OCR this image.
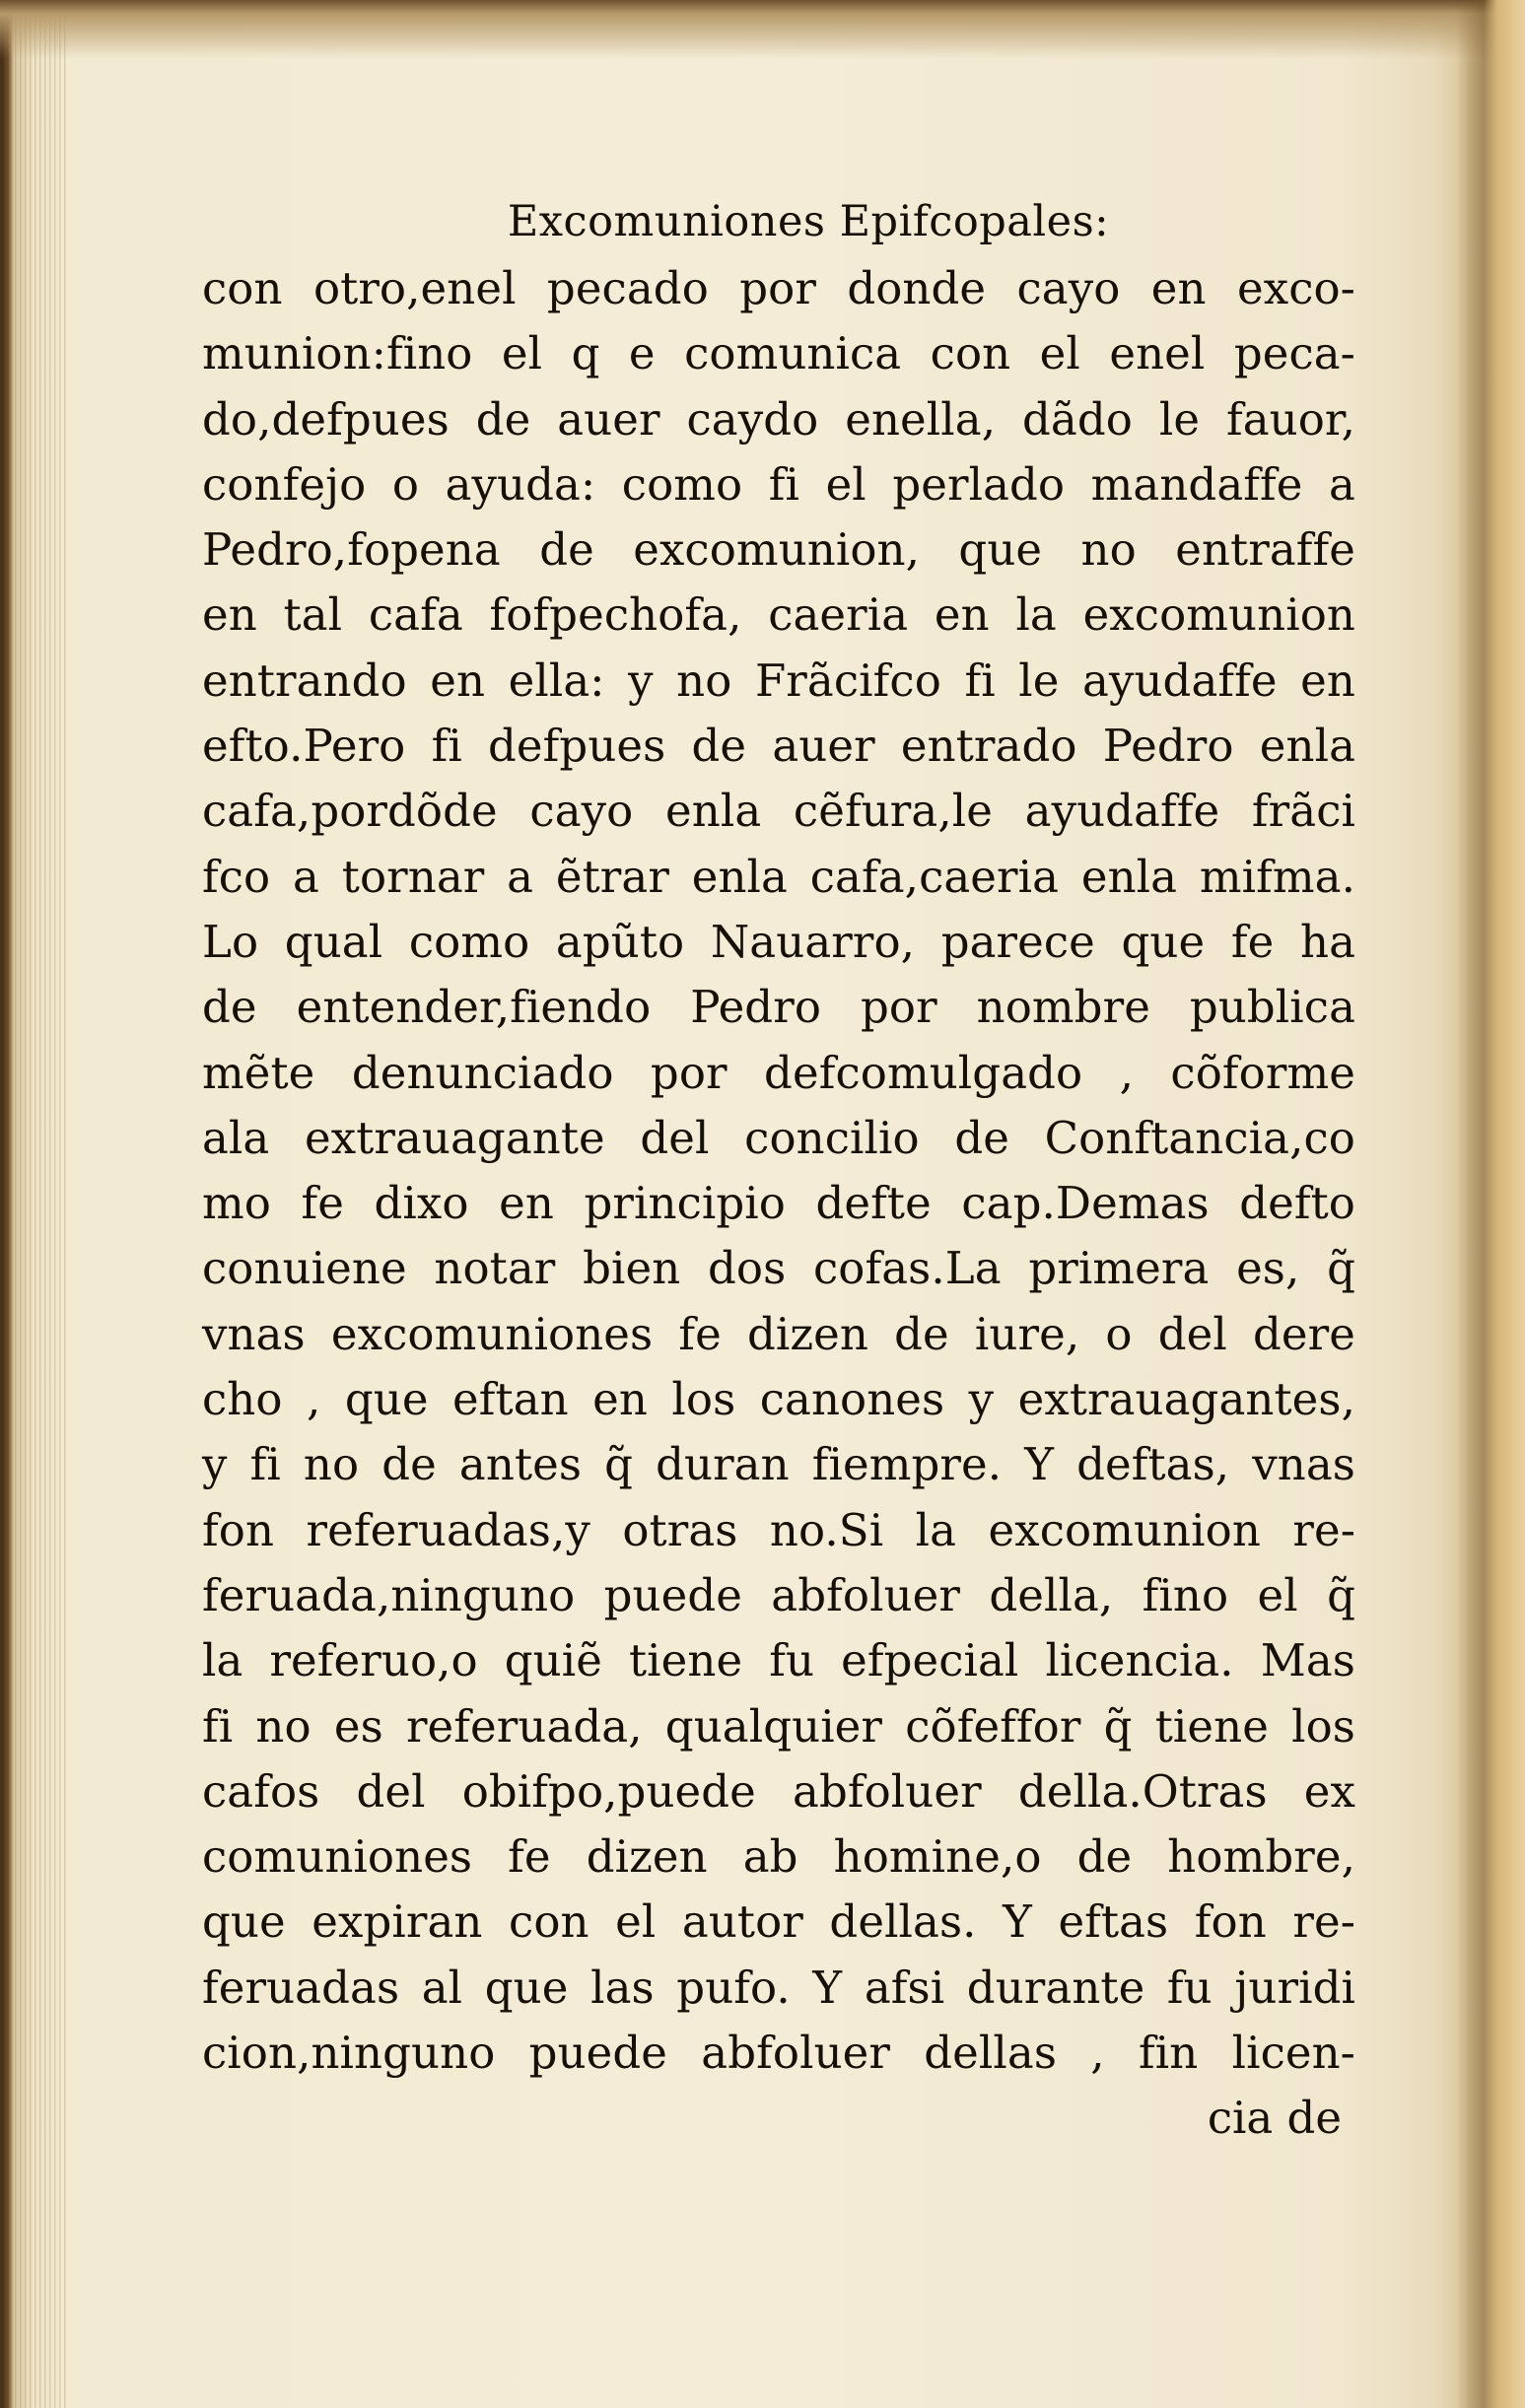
Excomuniones Epifcopales:
con otro,enel pecado por donde cayo en exco-
munion:fino el q e comunica con el enel peca-
do,defpues de auer caydo enella, dãdo le fauor,
confejo o ayuda: como fi el perlado mandaffe a
Pedro,fopena de excomunion, que no entraffe
en tal cafa fofpechofa, caeria en la excomunion
entrando en ella: y no Frãcifco fi le ayudaffe en
efto.Pero fi defpues de auer entrado Pedro enla
cafa,pordõde cayo enla cẽfura,le ayudaffe frãci
fco a tornar a ẽtrar enla cafa,caeria enla mifma.
Lo qual como apũto Nauarro, parece que fe ha
de entender,fiendo Pedro por nombre publica
mẽte denunciado por defcomulgado , cõforme
ala extrauagante del concilio de Conftancia,co
mo fe dixo en principio defte cap.Demas defto
conuiene notar bien dos cofas.La primera es, q̃
vnas excomuniones fe dizen de iure, o del dere
cho , que eftan en los canones y extrauagantes,
y fi no de antes q̃ duran fiempre. Y deftas, vnas
fon referuadas,y otras no.Si la excomunion re-
feruada,ninguno puede abfoluer della, fino el q̃
la referuo,o quiẽ tiene fu efpecial licencia. Mas
fi no es referuada, qualquier cõfeffor q̃ tiene los
cafos del obifpo,puede abfoluer della.Otras ex
comuniones fe dizen ab homine,o de hombre,
que expiran con el autor dellas. Y eftas fon re-
feruadas al que las pufo. Y afsi durante fu juridi
cion,ninguno puede abfoluer dellas , fin licen-
cia de
